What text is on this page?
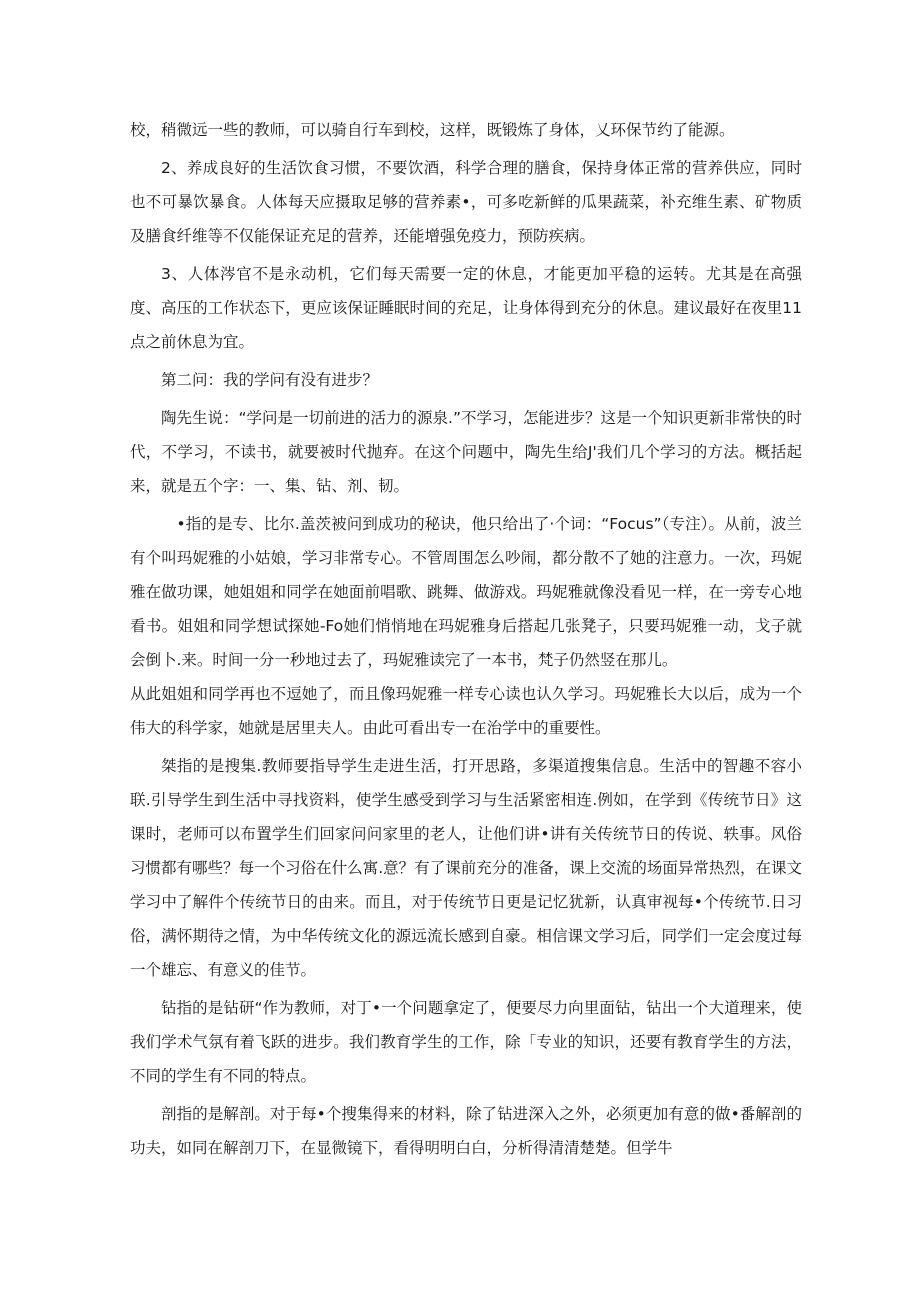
校，稍微远一些的教师，可以骑自行车到校，这样，既锻炼了身体，乂环保节约了能源。

2、养成良好的生活饮食习惯，不要饮酒，科学合理的膳食，保持身体正常的营养供应，同时也不可暴饮暴食。人体每天应摄取足够的营养素•，可多吃新鲜的瓜果蔬菜，补充维生素、矿物质及膳食纤维等不仅能保证充足的营养，还能增强免疫力，预防疾病。

3、人体涔官不是永动机，它们每天需要一定的休息，才能更加平稳的运转。尤其是在高强度、高压的工作状态下，更应该保证睡眠时间的充足，让身体得到充分的休息。建议最好在夜里11点之前休息为宜。

第二问：我的学问有没有进步？

陶先生说：“学问是一切前进的活力的源泉.”不学习，怎能进步？这是一个知识更新非常快的时代，不学习，不读书，就要被时代抛弃。在这个问题中，陶先生给J'我们几个学习的方法。概括起来，就是五个字：一、集、钻、剂、韧。

•指的是专、比尔.盖茨被问到成功的秘诀，他只给出了·个词：“Focus”（专注）。从前，波兰有个叫玛妮雅的小姑娘，学习非常专心。不管周围怎么吵闹，都分散不了她的注意力。一次，玛妮雅在做功课，她姐姐和同学在她面前唱歌、跳舞、做游戏。玛妮雅就像没看见一样，在一旁专心地看书。姐姐和同学想试探她-Fo她们悄悄地在玛妮雅身后搭起几张凳子，只要玛妮雅一动，戈子就会倒卜.来。时间一分一秒地过去了，玛妮雅读完了一本书，梵子仍然竖在那儿。

从此姐姐和同学再也不逗她了，而且像玛妮雅一样专心读也认久学习。玛妮雅长大以后，成为一个伟大的科学家，她就是居里夫人。由此可看出专一在治学中的重要性。

桀指的是搜集.教师要指导学生走进生活，打开思路，多渠道搜集信息。生活中的智趣不容小联.引导学生到生活中寻找资料，使学生感受到学习与生活紧密相连.例如，在学到《传统节日》这课时，老师可以布置学生们回家问问家里的老人，让他们讲•讲有关传统节日的传说、轶事。风俗习惯都有哪些？每一个习俗在什么寓.意？有了课前充分的准备，课上交流的场面异常热烈，在课文学习中了解件个传统节日的由来。而且，对于传统节日更是记忆犹新，认真审视每•个传统节.日习俗，满怀期待之情，为中华传统文化的源远流长感到自豪。相信课文学习后，同学们一定会度过每一个雄忘、有意义的佳节。

钻指的是钻研“作为教师，对丁•一个问题拿定了，便要尽力向里面钻，钻出一个大道理来，使我们学术气氛有着飞跃的进步。我们教育学生的工作，除「专业的知识，还要有教育学生的方法，不同的学生有不同的特点。

剖指的是解剖。对于每•个搜集得来的材料，除了钻进深入之外，必须更加有意的做•番解剖的功夫，如同在解剖刀下，在显微镜下，看得明明白白，分析得清清楚楚。但学牛
